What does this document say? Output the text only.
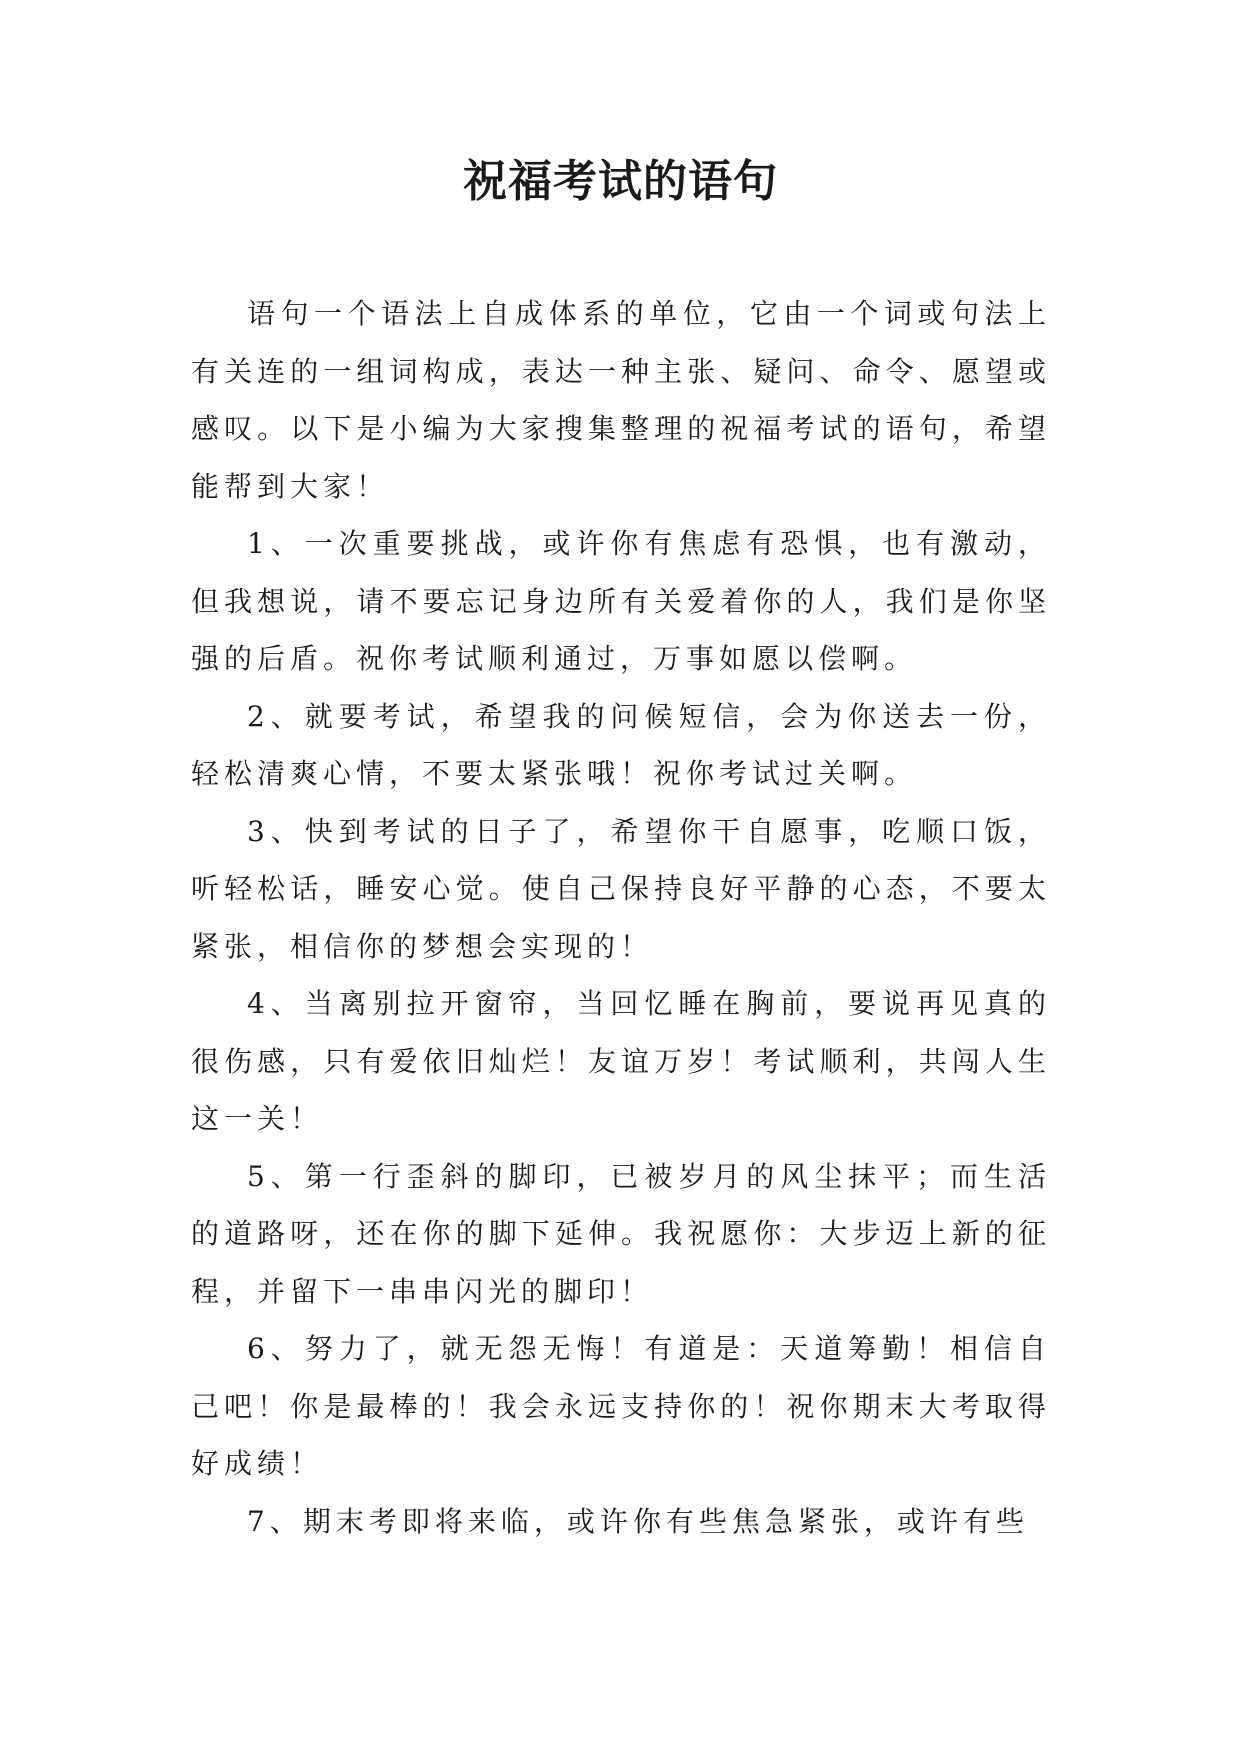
祝福考试的语句

语句一个语法上自成体系的单位，它由一个词或句法上有关连的一组词构成，表达一种主张、疑问、命令、愿望或感叹。以下是小编为大家搜集整理的祝福考试的语句，希望能帮到大家！

1、一次重要挑战，或许你有焦虑有恐惧，也有激动，但我想说，请不要忘记身边所有关爱着你的人，我们是你坚强的后盾。祝你考试顺利通过，万事如愿以偿啊。

2、就要考试，希望我的问候短信，会为你送去一份，轻松清爽心情，不要太紧张哦！祝你考试过关啊。

3、快到考试的日子了，希望你干自愿事，吃顺口饭，听轻松话，睡安心觉。使自己保持良好平静的心态，不要太紧张，相信你的梦想会实现的！

4、当离别拉开窗帘，当回忆睡在胸前，要说再见真的很伤感，只有爱依旧灿烂！友谊万岁！考试顺利，共闯人生这一关！

5、第一行歪斜的脚印，已被岁月的风尘抹平；而生活的道路呀，还在你的脚下延伸。我祝愿你：大步迈上新的征程，并留下一串串闪光的脚印！

6、努力了，就无怨无悔！有道是：天道筹勤！相信自己吧！你是最棒的！我会永远支持你的！祝你期末大考取得好成绩！

7、期末考即将来临，或许你有些焦急紧张，或许有些
